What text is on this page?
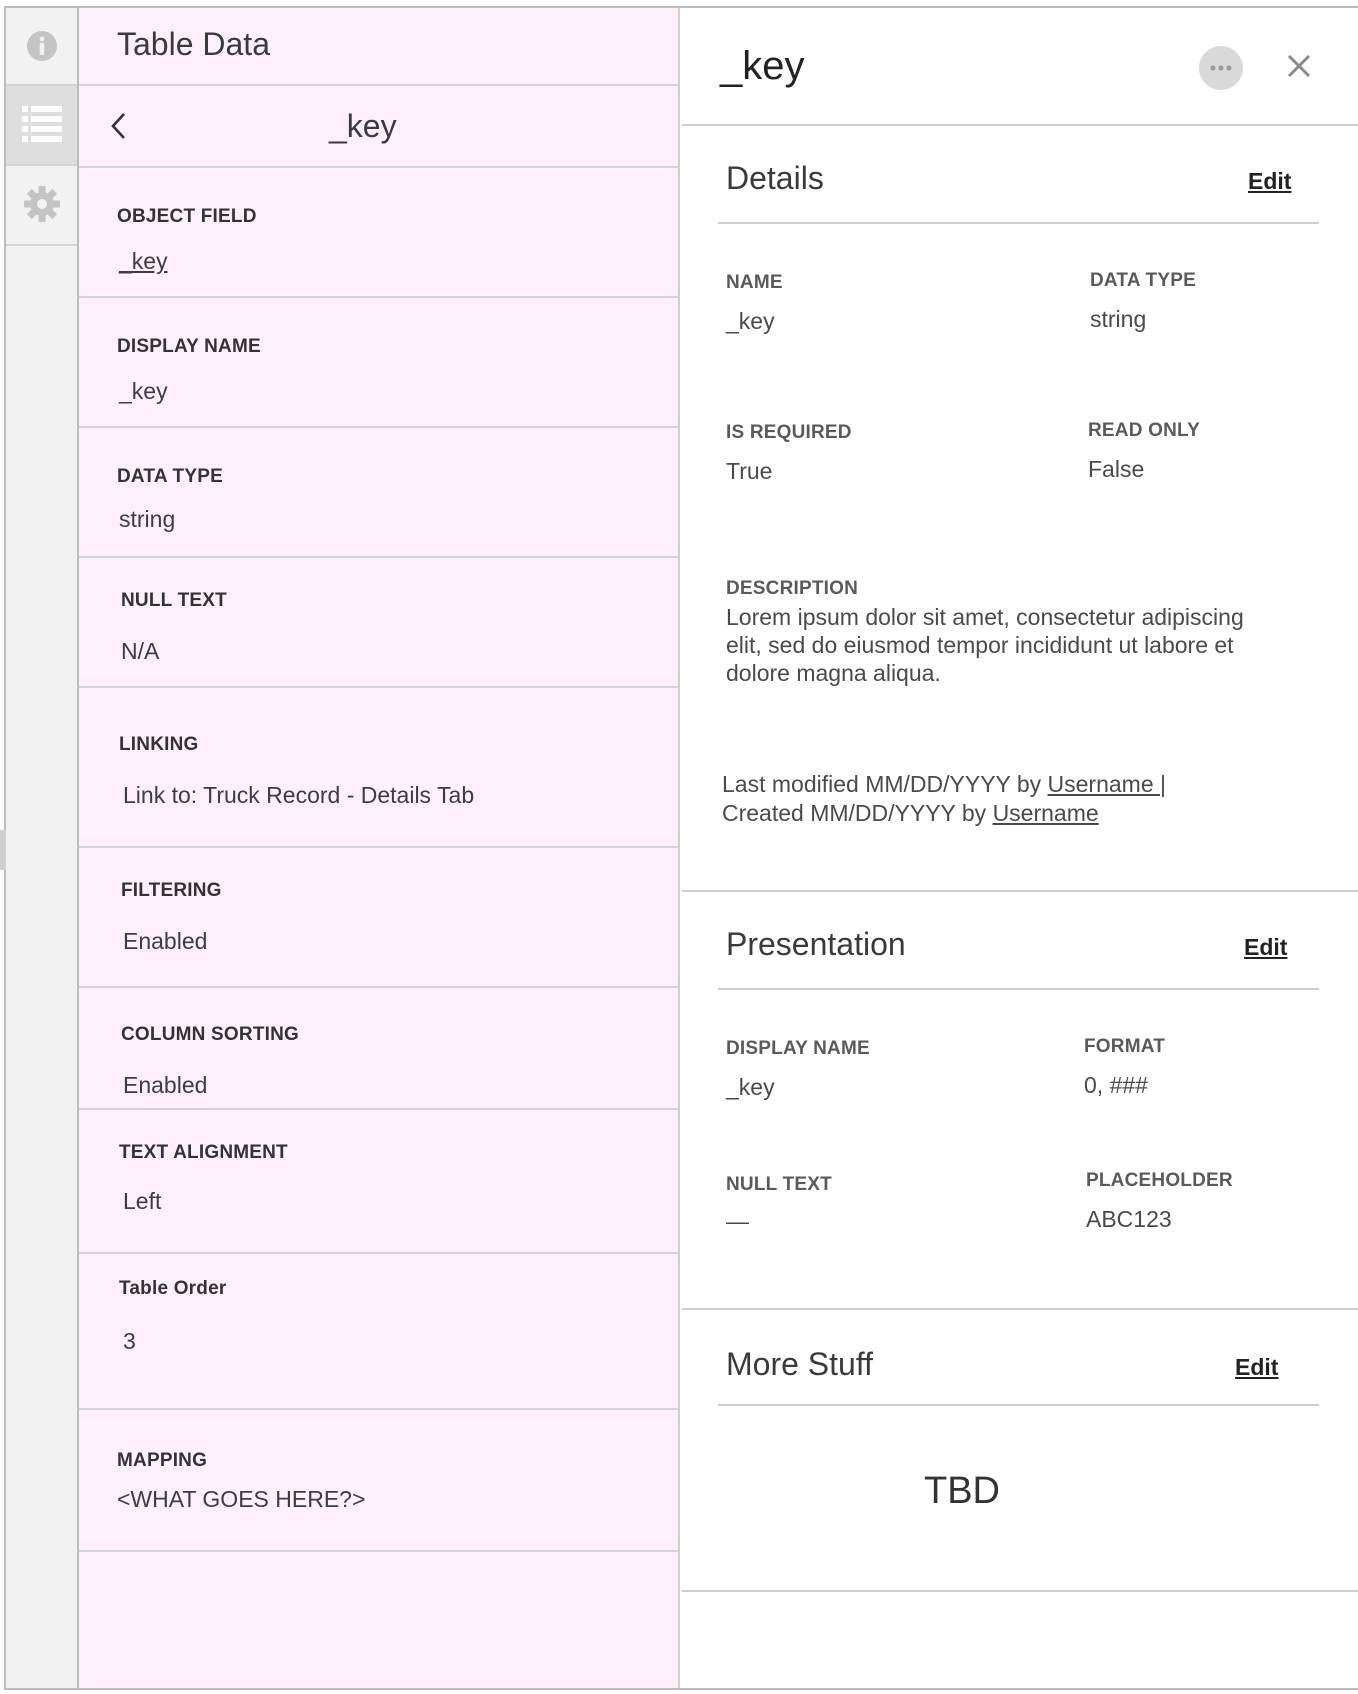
Table Data
_key
OBJECT FIELD
_key
DISPLAY NAME
_key
DATA TYPE
string
NULL TEXT
N/A
LINKING
Link to: Truck Record - Details Tab
FILTERING
Enabled
COLUMN SORTING
Enabled
TEXT ALIGNMENT
Left
Table Order
3
MAPPING
<WHAT GOES HERE?>
_key
Details	Edit
NAME
_key
DATA TYPE
string
IS REQUIRED
True
READ ONLY
False
DESCRIPTION
Lorem ipsum dolor sit amet, consectetur adipiscing elit, sed do eiusmod tempor incididunt ut labore et dolore magna aliqua.
Last modified MM/DD/YYYY by Username |
Created MM/DD/YYYY by Username
Presentation	Edit
DISPLAY NAME
_key
FORMAT
0, ###
NULL TEXT
—
PLACEHOLDER
ABC123
More Stuff	Edit
TBD
